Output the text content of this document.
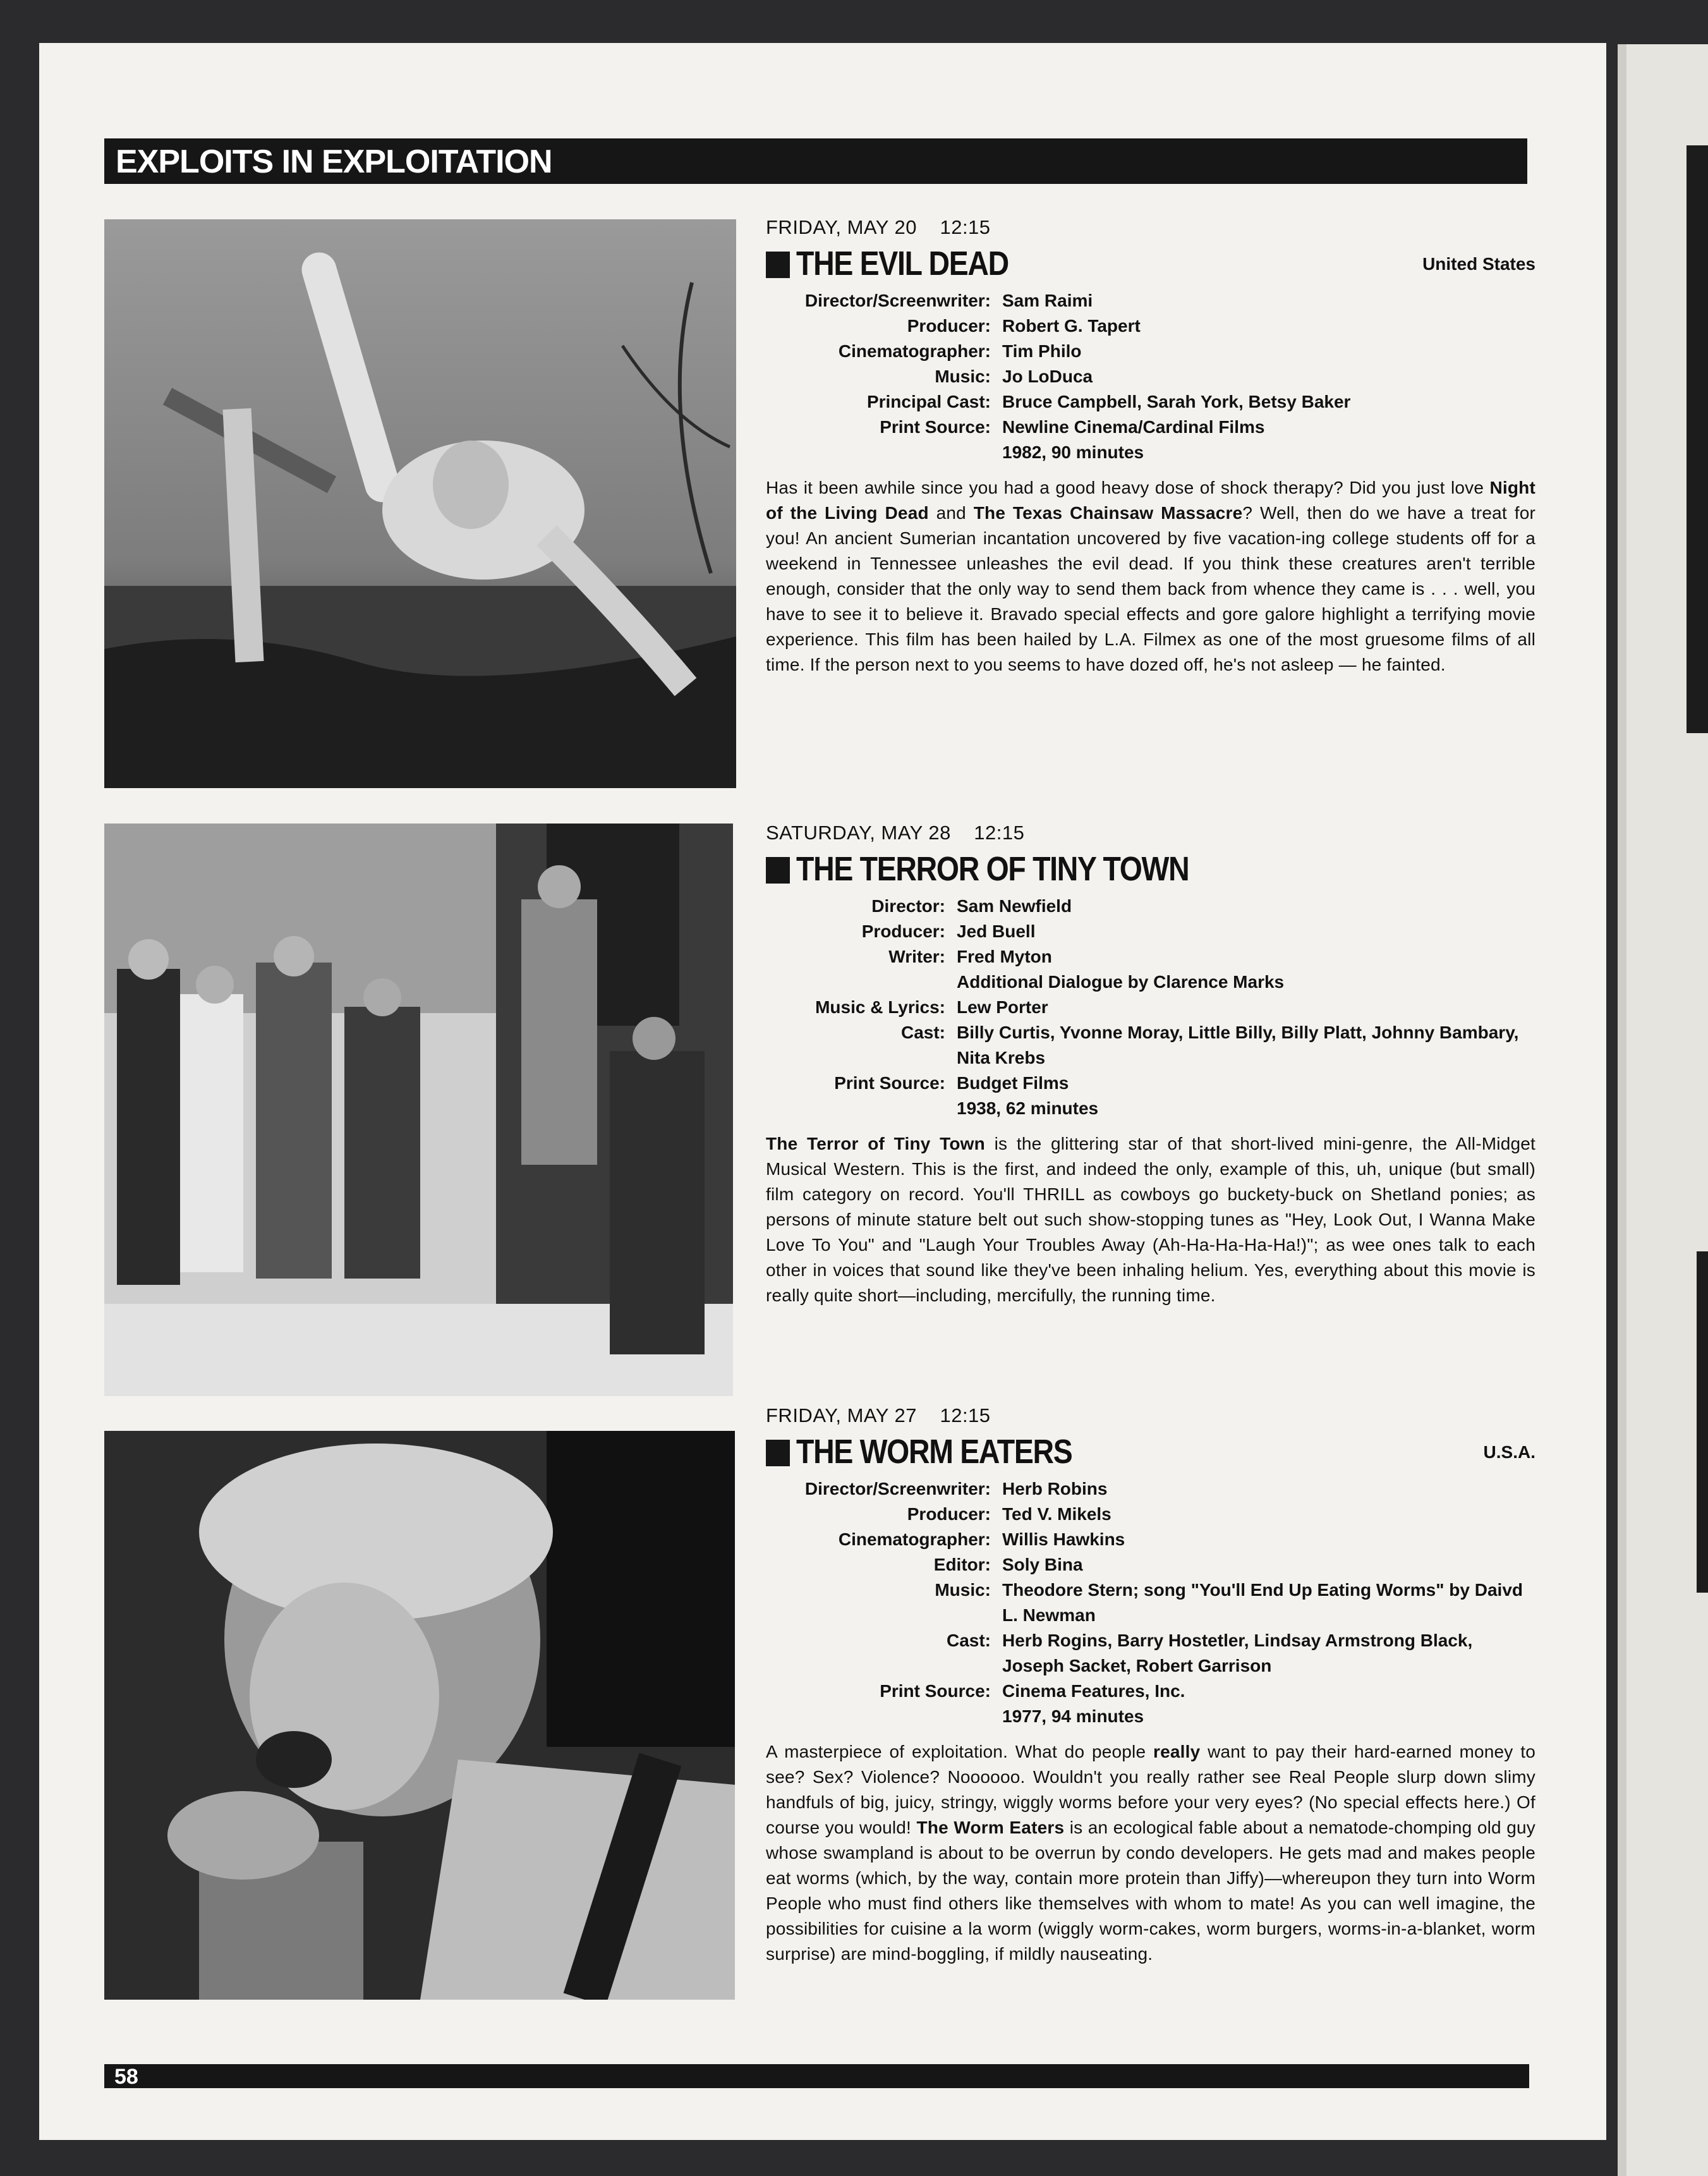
EXPLOITS IN EXPLOITATION
FRIDAY, MAY 20    12:15
THE EVIL DEAD	United States
Director/Screenwriter: Sam Raimi
Producer: Robert G. Tapert
Cinematographer: Tim Philo
Music: Jo LoDuca
Principal Cast: Bruce Campbell, Sarah York, Betsy Baker
Print Source: Newline Cinema/Cardinal Films
1982, 90 minutes
Has it been awhile since you had a good heavy dose of shock therapy? Did you just love Night of the Living Dead and The Texas Chainsaw Massacre? Well, then do we have a treat for you! An ancient Sumerian incantation uncovered by five vacation-ing college students off for a weekend in Tennessee unleashes the evil dead. If you think these creatures aren't terrible enough, consider that the only way to send them back from whence they came is . . . well, you have to see it to believe it. Bravado special effects and gore galore highlight a terrifying movie experience. This film has been hailed by L.A. Filmex as one of the most gruesome films of all time. If the person next to you seems to have dozed off, he's not asleep — he fainted.
SATURDAY, MAY 28    12:15
THE TERROR OF TINY TOWN
Director: Sam Newfield
Producer: Jed Buell
Writer: Fred Myton
Additional Dialogue by Clarence Marks
Music & Lyrics: Lew Porter
Cast: Billy Curtis, Yvonne Moray, Little Billy, Billy Platt, Johnny Bambary, Nita Krebs
Print Source: Budget Films
1938, 62 minutes
The Terror of Tiny Town is the glittering star of that short-lived mini-genre, the All-Midget Musical Western. This is the first, and indeed the only, example of this, uh, unique (but small) film category on record. You'll THRILL as cowboys go buckety-buck on Shetland ponies; as persons of minute stature belt out such show-stopping tunes as "Hey, Look Out, I Wanna Make Love To You" and "Laugh Your Troubles Away (Ah-Ha-Ha-Ha-Ha!)"; as wee ones talk to each other in voices that sound like they've been inhaling helium. Yes, everything about this movie is really quite short—including, mercifully, the running time.
FRIDAY, MAY 27    12:15
THE WORM EATERS	U.S.A.
Director/Screenwriter: Herb Robins
Producer: Ted V. Mikels
Cinematographer: Willis Hawkins
Editor: Soly Bina
Music: Theodore Stern; song "You'll End Up Eating Worms" by Daivd L. Newman
Cast: Herb Rogins, Barry Hostetler, Lindsay Armstrong Black, Joseph Sacket, Robert Garrison
Print Source: Cinema Features, Inc.
1977, 94 minutes
A masterpiece of exploitation. What do people really want to pay their hard-earned money to see? Sex? Violence? Noooooo. Wouldn't you really rather see Real People slurp down slimy handfuls of big, juicy, stringy, wiggly worms before your very eyes? (No special effects here.) Of course you would! The Worm Eaters is an ecological fable about a nematode-chomping old guy whose swampland is about to be overrun by condo developers. He gets mad and makes people eat worms (which, by the way, contain more protein than Jiffy)—whereupon they turn into Worm People who must find others like themselves with whom to mate! As you can well imagine, the possibilities for cuisine a la worm (wiggly worm-cakes, worm burgers, worms-in-a-blanket, worm surprise) are mind-boggling, if mildly nauseating.
58
